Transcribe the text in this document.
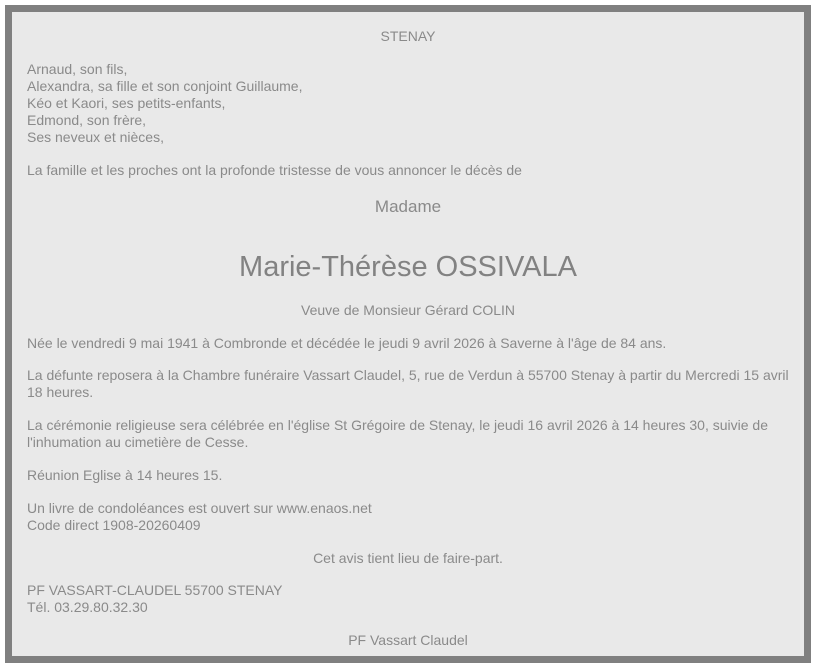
STENAY

Arnaud, son fils,
Alexandra, sa fille et son conjoint Guillaume,
Kéo et Kaori, ses petits-enfants,
Edmond, son frère,
Ses neveux et nièces,

La famille et les proches ont la profonde tristesse de vous annoncer le décès de

Madame

Marie-Thérèse OSSIVALA

Veuve de Monsieur Gérard COLIN

Née le vendredi 9 mai 1941 à Combronde et décédée le jeudi 9 avril 2026 à Saverne à l'âge de 84 ans.

La défunte reposera à la Chambre funéraire Vassart Claudel, 5, rue de Verdun à 55700 Stenay à partir du Mercredi 15 avril 18 heures.

La cérémonie religieuse sera célébrée en l'église St Grégoire de Stenay, le jeudi 16 avril 2026 à 14 heures 30, suivie de l'inhumation au cimetière de Cesse.

Réunion Eglise à 14 heures 15.

Un livre de condoléances est ouvert sur www.enaos.net
Code direct 1908-20260409

Cet avis tient lieu de faire-part.

PF VASSART-CLAUDEL 55700 STENAY
Tél. 03.29.80.32.30

PF Vassart Claudel
